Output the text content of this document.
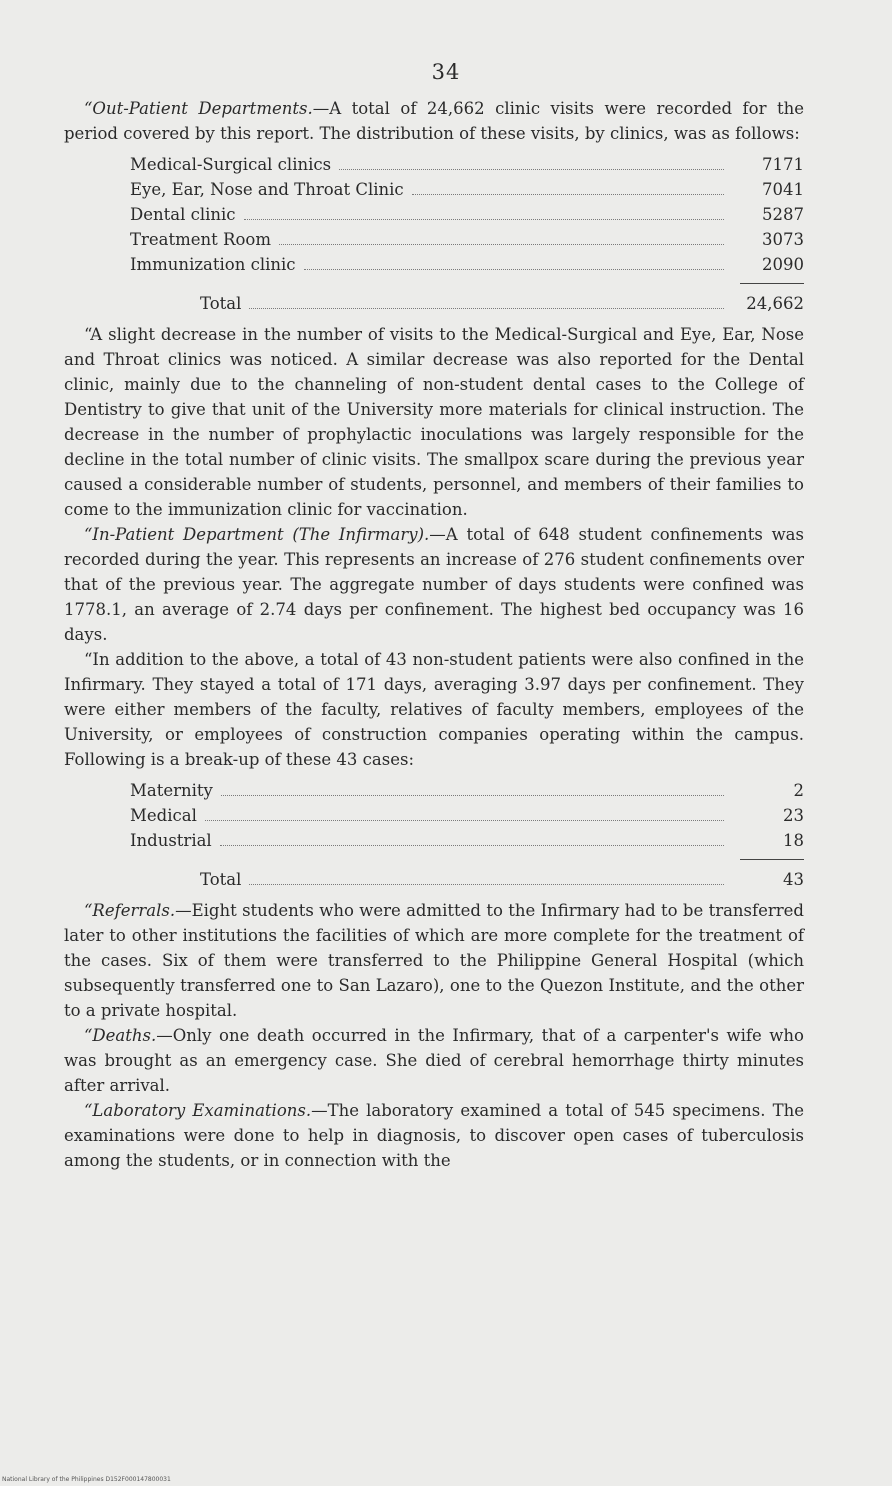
34

“Out-Patient Departments.—A total of 24,662 clinic visits were recorded for the period covered by this report. The distribution of these visits, by clinics, was as follows:

Medical-Surgical clinics	7171
Eye, Ear, Nose and Throat Clinic	7041
Dental clinic	5287
Treatment Room	3073
Immunization clinic	2090
Total	24,662

“A slight decrease in the number of visits to the Medical-Surgical and Eye, Ear, Nose and Throat clinics was noticed. A similar decrease was also reported for the Dental clinic, mainly due to the channeling of non-student dental cases to the College of Dentistry to give that unit of the University more materials for clinical instruction. The decrease in the number of prophylactic inoculations was largely responsible for the decline in the total number of clinic visits. The smallpox scare during the previous year caused a considerable number of students, personnel, and members of their families to come to the immunization clinic for vaccination.

“In-Patient Department (The Infirmary).—A total of 648 student confinements was recorded during the year. This represents an increase of 276 student confinements over that of the previous year. The aggregate number of days students were confined was 1778.1, an average of 2.74 days per confinement. The highest bed occupancy was 16 days.

“In addition to the above, a total of 43 non-student patients were also confined in the Infirmary. They stayed a total of 171 days, averaging 3.97 days per confinement. They were either members of the faculty, relatives of faculty members, employees of the University, or employees of construction companies operating within the campus. Following is a break-up of these 43 cases:

Maternity	2
Medical	23
Industrial	18
Total	43

“Referrals.—Eight students who were admitted to the Infirmary had to be transferred later to other institutions the facilities of which are more complete for the treatment of the cases. Six of them were transferred to the Philippine General Hospital (which subsequently transferred one to San Lazaro), one to the Quezon Institute, and the other to a private hospital.

“Deaths.—Only one death occurred in the Infirmary, that of a carpenter's wife who was brought as an emergency case. She died of cerebral hemorrhage thirty minutes after arrival.

“Laboratory Examinations.—The laboratory examined a total of 545 specimens. The examinations were done to help in diagnosis, to discover open cases of tuberculosis among the students, or in connection with the

National Library of the Philippines D152F000147800031
